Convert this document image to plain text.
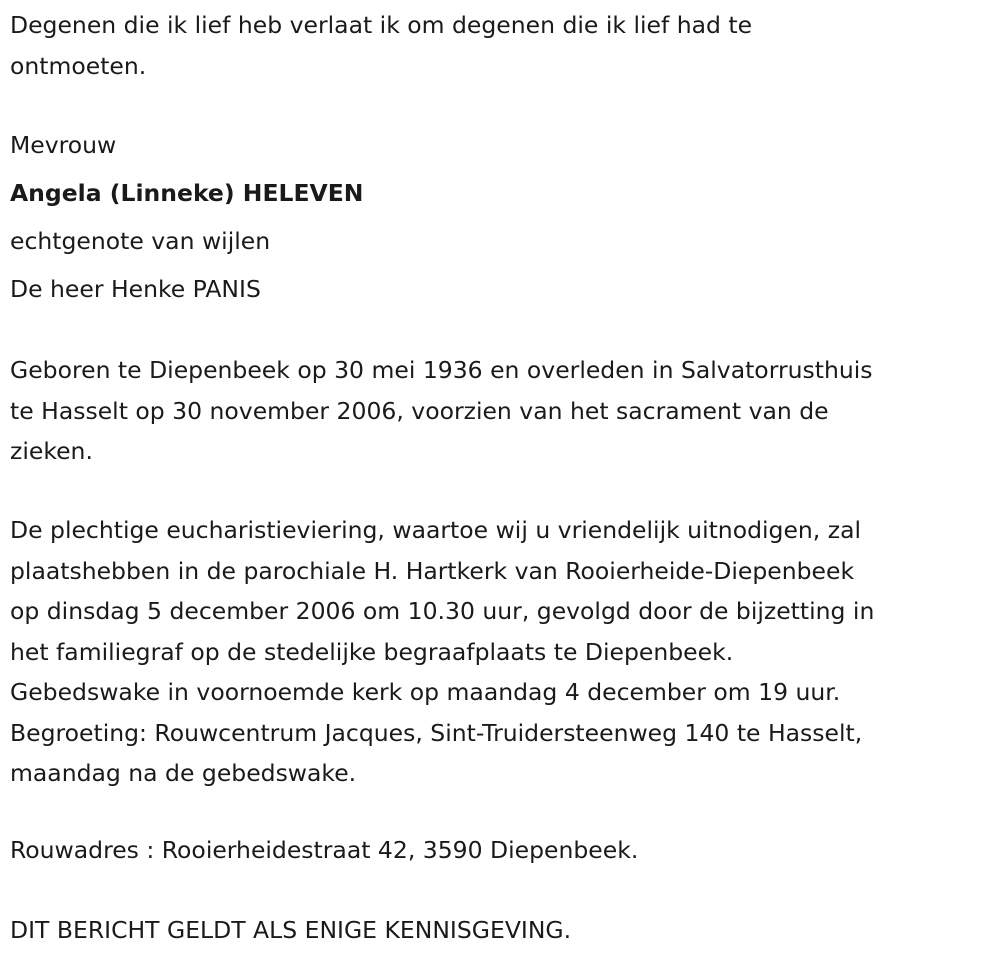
Degenen die ik lief heb verlaat ik om degenen die ik lief had te
ontmoeten.
Mevrouw
Angela (Linneke) HELEVEN
echtgenote van wijlen
De heer Henke PANIS
Geboren te Diepenbeek op 30 mei 1936 en overleden in Salvatorrusthuis
te Hasselt op 30 november 2006, voorzien van het sacrament van de
zieken.
De plechtige eucharistieviering, waartoe wij u vriendelijk uitnodigen, zal
plaatshebben in de parochiale H. Hartkerk van Rooierheide-Diepenbeek
op dinsdag 5 december 2006 om 10.30 uur, gevolgd door de bijzetting in
het familiegraf op de stedelijke begraafplaats te Diepenbeek.
Gebedswake in voornoemde kerk op maandag 4 december om 19 uur.
Begroeting: Rouwcentrum Jacques, Sint-Truidersteenweg 140 te Hasselt,
maandag na de gebedswake.
Rouwadres : Rooierheidestraat 42, 3590 Diepenbeek.
DIT BERICHT GELDT ALS ENIGE KENNISGEVING.
